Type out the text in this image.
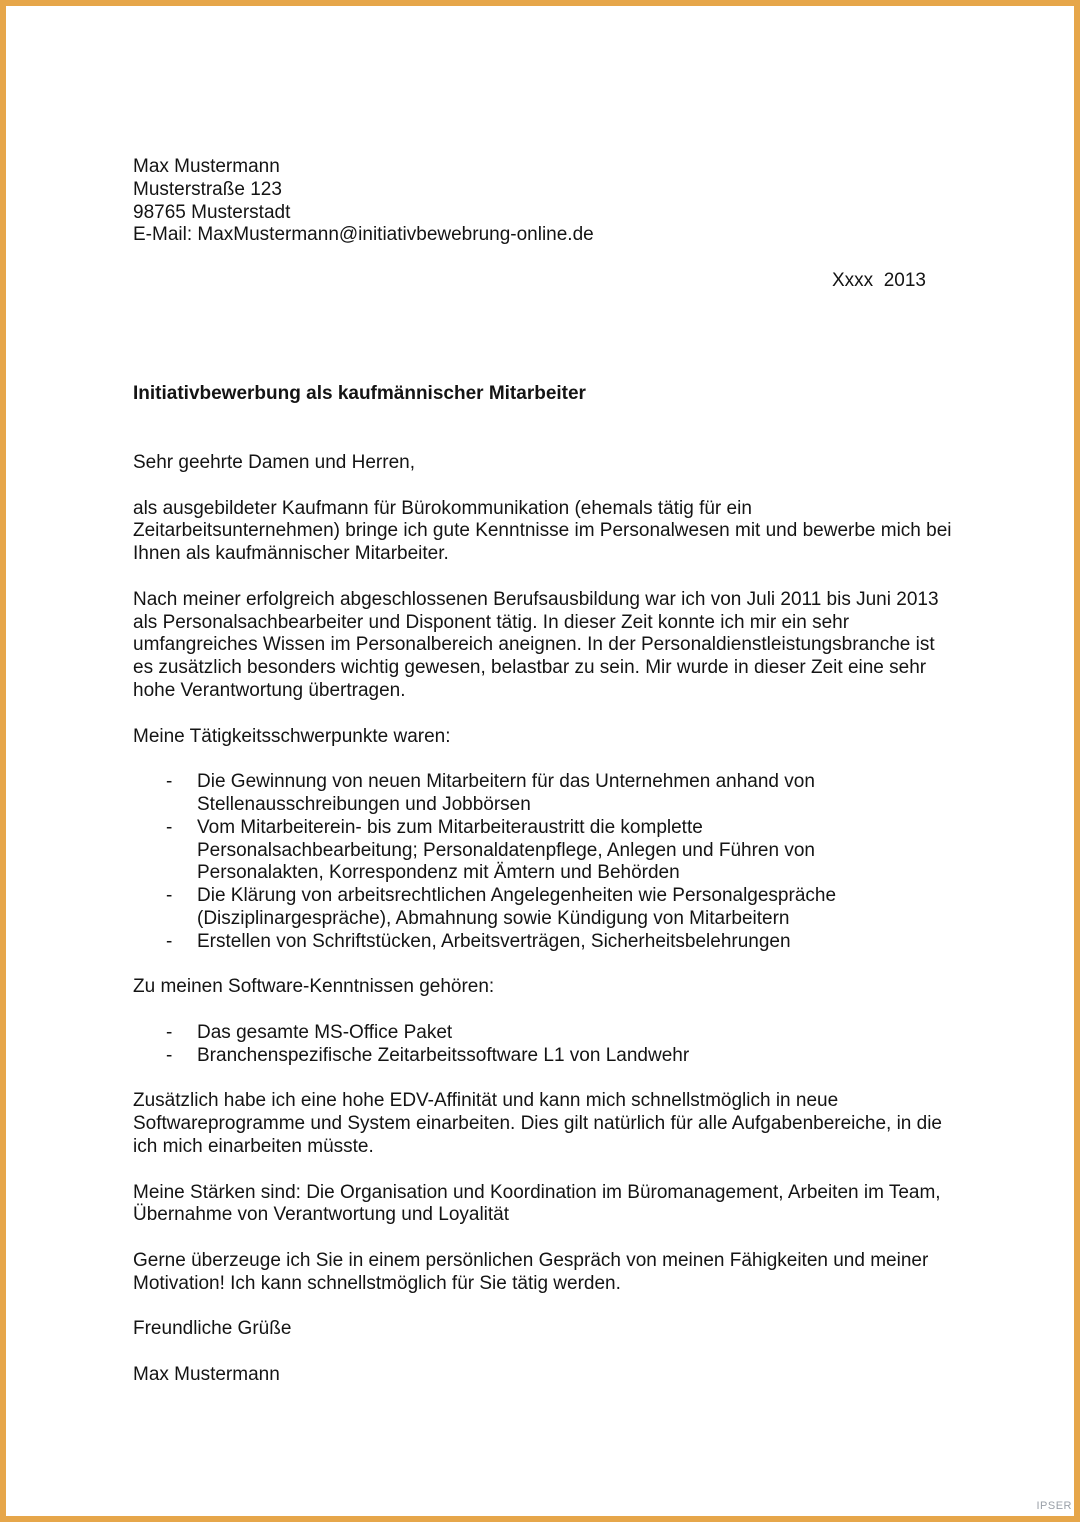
Max Mustermann
Musterstraße 123
98765 Musterstadt
E-Mail: MaxMustermann@initiativbewebrung-online.de
Xxxx  2013
Initiativbewerbung als kaufmännischer Mitarbeiter

Sehr geehrte Damen und Herren,

als ausgebildeter Kaufmann für Bürokommunikation (ehemals tätig für ein Zeitarbeitsunternehmen) bringe ich gute Kenntnisse im Personalwesen mit und bewerbe mich bei Ihnen als kaufmännischer Mitarbeiter.

Nach meiner erfolgreich abgeschlossenen Berufsausbildung war ich von Juli 2011 bis Juni 2013 als Personalsachbearbeiter und Disponent tätig. In dieser Zeit konnte ich mir ein sehr umfangreiches Wissen im Personalbereich aneignen. In der Personaldienstleistungsbranche ist es zusätzlich besonders wichtig gewesen, belastbar zu sein. Mir wurde in dieser Zeit eine sehr hohe Verantwortung übertragen.

Meine Tätigkeitsschwerpunkte waren:

- Die Gewinnung von neuen Mitarbeitern für das Unternehmen anhand von Stellenausschreibungen und Jobbörsen
- Vom Mitarbeiterein- bis zum Mitarbeiteraustritt die komplette Personalsachbearbeitung; Personaldatenpflege, Anlegen und Führen von Personalakten, Korrespondenz mit Ämtern und Behörden
- Die Klärung von arbeitsrechtlichen Angelegenheiten wie Personalgespräche (Disziplinargespräche), Abmahnung sowie Kündigung von Mitarbeitern
- Erstellen von Schriftstücken, Arbeitsverträgen, Sicherheitsbelehrungen

Zu meinen Software-Kenntnissen gehören:

- Das gesamte MS-Office Paket
- Branchenspezifische Zeitarbeitssoftware L1 von Landwehr

Zusätzlich habe ich eine hohe EDV-Affinität und kann mich schnellstmöglich in neue Softwareprogramme und System einarbeiten. Dies gilt natürlich für alle Aufgabenbereiche, in die ich mich einarbeiten müsste.

Meine Stärken sind: Die Organisation und Koordination im Büromanagement, Arbeiten im Team, Übernahme von Verantwortung und Loyalität

Gerne überzeuge ich Sie in einem persönlichen Gespräch von meinen Fähigkeiten und meiner Motivation! Ich kann schnellstmöglich für Sie tätig werden.

Freundliche Grüße

Max Mustermann

IPSER
